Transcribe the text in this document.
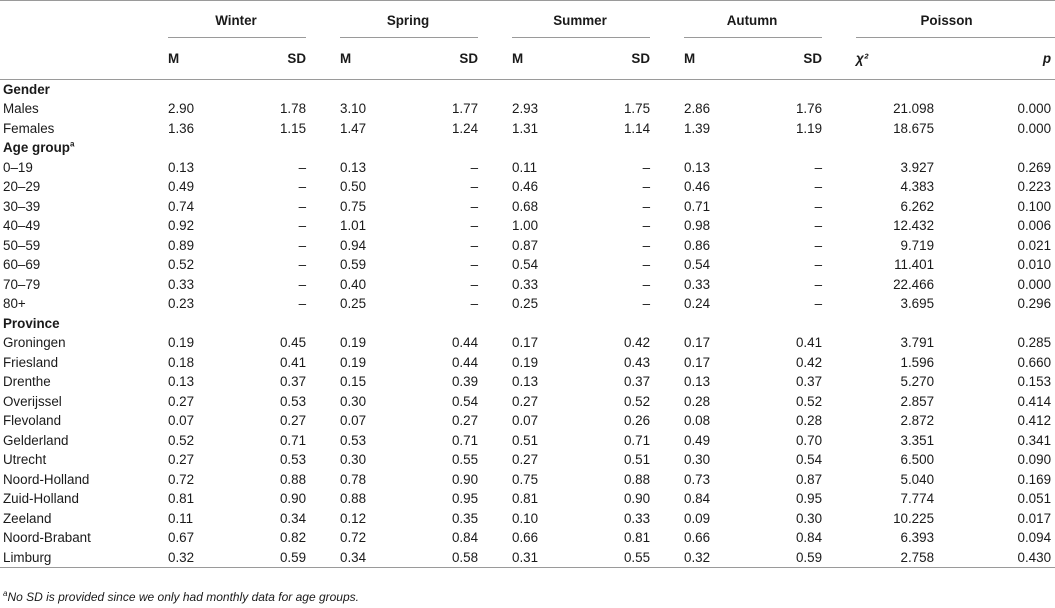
	Winter		Spring		Summer		Autumn		Poisson	
	M	SD	M	SD	M	SD	M	SD	χ²	p
Gender										
Males	2.90	1.78	3.10	1.77	2.93	1.75	2.86	1.76	21.098	0.000
Females	1.36	1.15	1.47	1.24	1.31	1.14	1.39	1.19	18.675	0.000
Age group$^a$
0–19	0.13	–	0.13	–	0.11	–	0.13	–	3.927	0.269
20–29	0.49	–	0.50	–	0.46	–	0.46	–	4.383	0.223
30–39	0.74	–	0.75	–	0.68	–	0.71	–	6.262	0.100
40–49	0.92	–	1.01	–	1.00	–	0.98	–	12.432	0.006
50–59	0.89	–	0.94	–	0.87	–	0.86	–	9.719	0.021
60–69	0.52	–	0.59	–	0.54	–	0.54	–	11.401	0.010
70–79	0.33	–	0.40	–	0.33	–	0.33	–	22.466	0.000
80+	0.23	–	0.25	–	0.25	–	0.24	–	3.695	0.296
Province										
Groningen	0.19	0.45	0.19	0.44	0.17	0.42	0.17	0.41	3.791	0.285
Friesland	0.18	0.41	0.19	0.44	0.19	0.43	0.17	0.42	1.596	0.660
Drenthe	0.13	0.37	0.15	0.39	0.13	0.37	0.13	0.37	5.270	0.153
Overijssel	0.27	0.53	0.30	0.54	0.27	0.52	0.28	0.52	2.857	0.414
Flevoland	0.07	0.27	0.07	0.27	0.07	0.26	0.08	0.28	2.872	0.412
Gelderland	0.52	0.71	0.53	0.71	0.51	0.71	0.49	0.70	3.351	0.341
Utrecht	0.27	0.53	0.30	0.55	0.27	0.51	0.30	0.54	6.500	0.090
Noord-Holland	0.72	0.88	0.78	0.90	0.75	0.88	0.73	0.87	5.040	0.169
Zuid-Holland	0.81	0.90	0.88	0.95	0.81	0.90	0.84	0.95	7.774	0.051
Zeeland	0.11	0.34	0.12	0.35	0.10	0.33	0.09	0.30	10.225	0.017
Noord-Brabant	0.67	0.82	0.72	0.84	0.66	0.81	0.66	0.84	6.393	0.094
Limburg	0.32	0.59	0.34	0.58	0.31	0.55	0.32	0.59	2.758	0.430
$^a$No SD is provided since we only had monthly data for age groups.
